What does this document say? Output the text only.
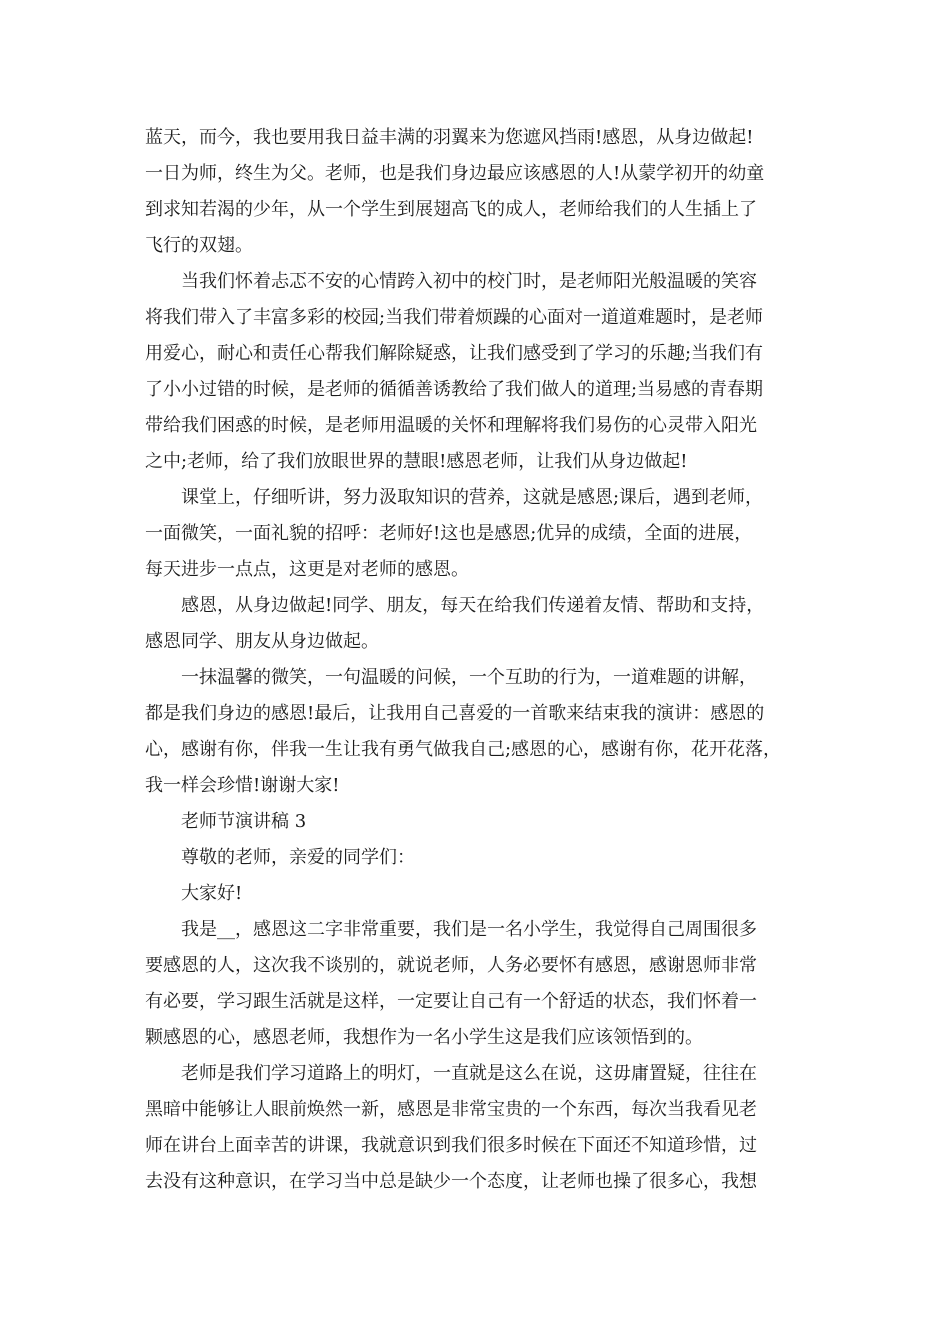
蓝天，而今，我也要用我日益丰满的羽翼来为您遮风挡雨!感恩，从身边做起!
一日为师，终生为父。老师，也是我们身边最应该感恩的人!从蒙学初开的幼童
到求知若渴的少年，从一个学生到展翅高飞的成人，老师给我们的人生插上了
飞行的双翅。
当我们怀着忐忑不安的心情跨入初中的校门时，是老师阳光般温暖的笑容
将我们带入了丰富多彩的校园;当我们带着烦躁的心面对一道道难题时，是老师
用爱心，耐心和责任心帮我们解除疑惑，让我们感受到了学习的乐趣;当我们有
了小小过错的时候，是老师的循循善诱教给了我们做人的道理;当易感的青春期
带给我们困惑的时候，是老师用温暖的关怀和理解将我们易伤的心灵带入阳光
之中;老师，给了我们放眼世界的慧眼!感恩老师，让我们从身边做起!
课堂上，仔细听讲，努力汲取知识的营养，这就是感恩;课后，遇到老师，
一面微笑，一面礼貌的招呼：老师好!这也是感恩;优异的成绩，全面的进展，
每天进步一点点，这更是对老师的感恩。
感恩，从身边做起!同学、朋友，每天在给我们传递着友情、帮助和支持，
感恩同学、朋友从身边做起。
一抹温馨的微笑，一句温暖的问候，一个互助的行为，一道难题的讲解，
都是我们身边的感恩!最后，让我用自己喜爱的一首歌来结束我的演讲：感恩的
心，感谢有你，伴我一生让我有勇气做我自己;感恩的心，感谢有你，花开花落，
我一样会珍惜!谢谢大家!
老师节演讲稿 3
尊敬的老师，亲爱的同学们：
大家好!
我是__，感恩这二字非常重要，我们是一名小学生，我觉得自己周围很多
要感恩的人，这次我不谈别的，就说老师，人务必要怀有感恩，感谢恩师非常
有必要，学习跟生活就是这样，一定要让自己有一个舒适的状态，我们怀着一
颗感恩的心，感恩老师，我想作为一名小学生这是我们应该领悟到的。
老师是我们学习道路上的明灯，一直就是这么在说，这毋庸置疑，往往在
黑暗中能够让人眼前焕然一新，感恩是非常宝贵的一个东西，每次当我看见老
师在讲台上面幸苦的讲课，我就意识到我们很多时候在下面还不知道珍惜，过
去没有这种意识，在学习当中总是缺少一个态度，让老师也操了很多心，我想
